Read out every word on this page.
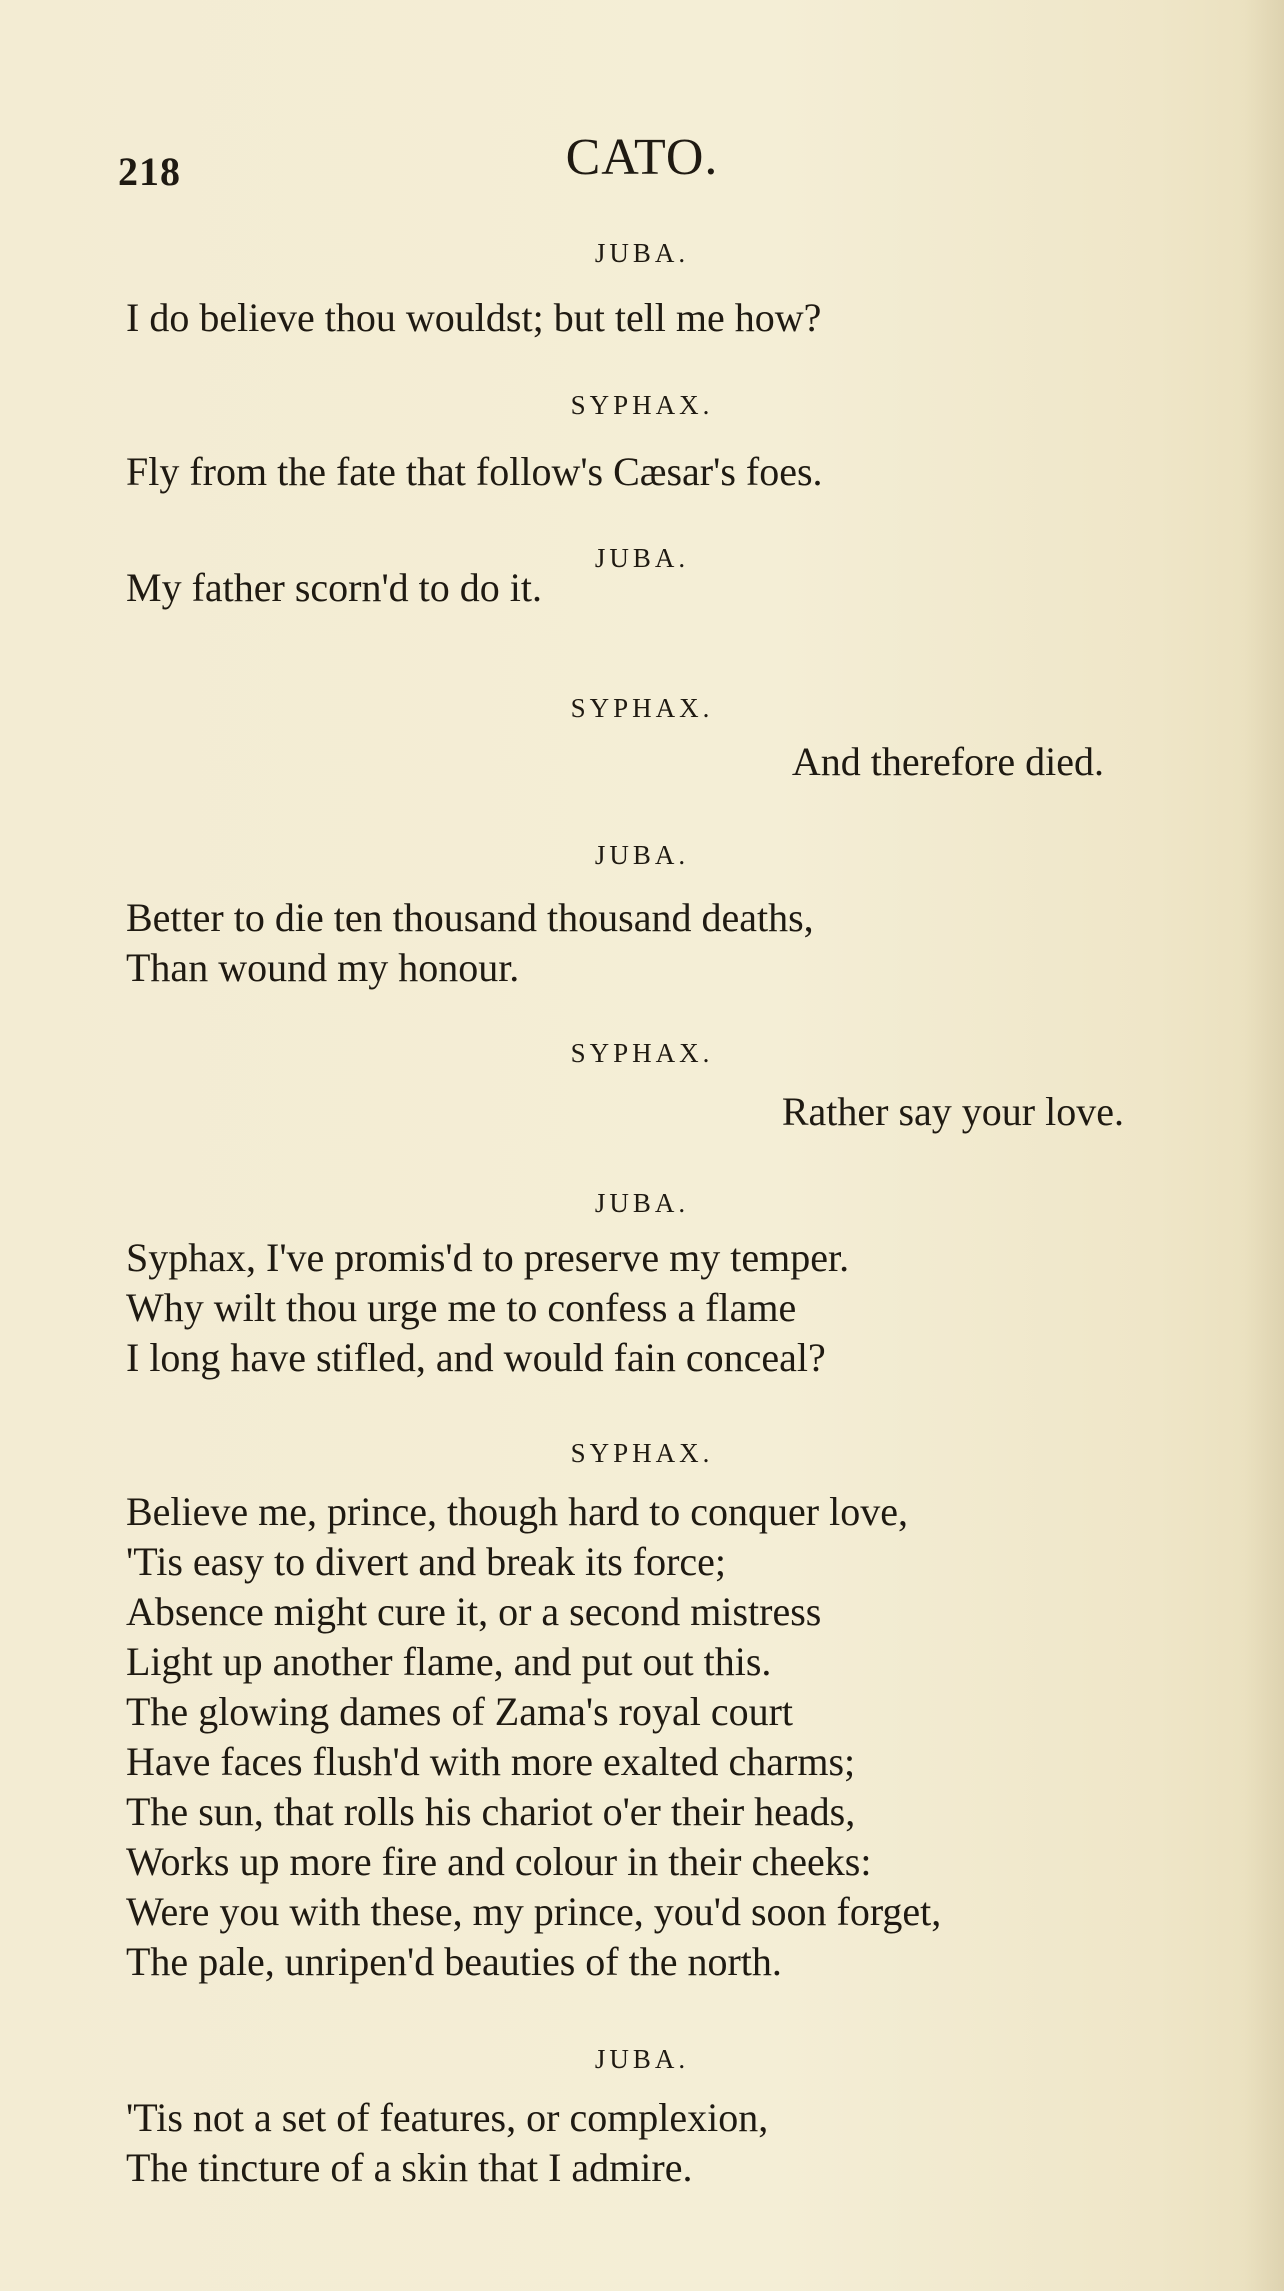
218	CATO.
JUBA.
I do believe thou wouldst; but tell me how?
SYPHAX.
Fly from the fate that follow's Cæsar's foes.
JUBA.
My father scorn'd to do it.
SYPHAX.
And therefore died.
JUBA.
Better to die ten thousand thousand deaths,
Than wound my honour.
SYPHAX.
Rather say your love.
JUBA.
Syphax, I've promis'd to preserve my temper.
Why wilt thou urge me to confess a flame
I long have stifled, and would fain conceal?
SYPHAX.
Believe me, prince, though hard to conquer love,
'Tis easy to divert and break its force;
Absence might cure it, or a second mistress
Light up another flame, and put out this.
The glowing dames of Zama's royal court
Have faces flush'd with more exalted charms;
The sun, that rolls his chariot o'er their heads,
Works up more fire and colour in their cheeks:
Were you with these, my prince, you'd soon forget,
The pale, unripen'd beauties of the north.
JUBA.
'Tis not a set of features, or complexion,
The tincture of a skin that I admire.
